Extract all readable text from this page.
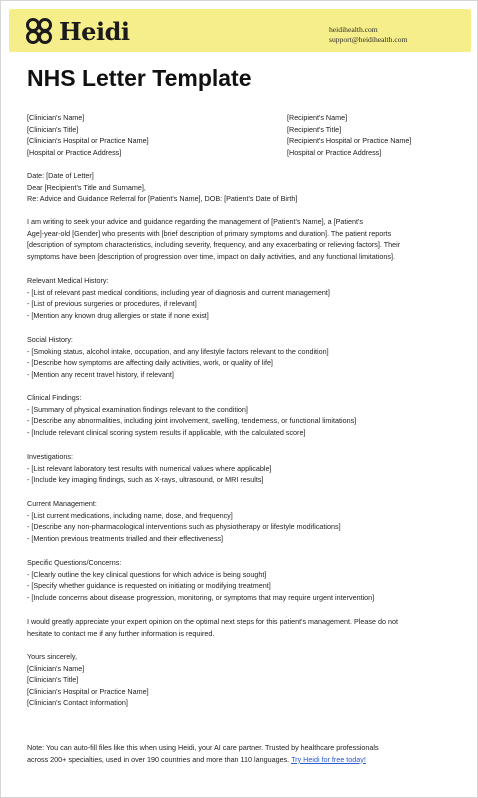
Heidi	heidihealth.com
support@heidihealth.com
NHS Letter Template
[Clinician's Name]
[Clinician's Title]
[Clinician's Hospital or Practice Name]
[Hospital or Practice Address]
[Recipient's Name]
[Recipient's Title]
[Recipient's Hospital or Practice Name]
[Hospital or Practice Address]
Date: [Date of Letter]
Dear [Recipient's Title and Surname],
Re: Advice and Guidance Referral for [Patient's Name], DOB: [Patient's Date of Birth]
I am writing to seek your advice and guidance regarding the management of [Patient's Name], a [Patient's
Age]-year-old [Gender] who presents with [brief description of primary symptoms and duration]. The patient reports
[description of symptom characteristics, including severity, frequency, and any exacerbating or relieving factors]. Their
symptoms have been [description of progression over time, impact on daily activities, and any functional limitations].
Relevant Medical History:
- [List of relevant past medical conditions, including year of diagnosis and current management]
- [List of previous surgeries or procedures, if relevant]
- [Mention any known drug allergies or state if none exist]
Social History:
- [Smoking status, alcohol intake, occupation, and any lifestyle factors relevant to the condition]
- [Describe how symptoms are affecting daily activities, work, or quality of life]
- [Mention any recent travel history, if relevant]
Clinical Findings:
- [Summary of physical examination findings relevant to the condition]
- [Describe any abnormalities, including joint involvement, swelling, tenderness, or functional limitations]
- [Include relevant clinical scoring system results if applicable, with the calculated score]
Investigations:
- [List relevant laboratory test results with numerical values where applicable]
- [Include key imaging findings, such as X-rays, ultrasound, or MRI results]
Current Management:
- [List current medications, including name, dose, and frequency]
- [Describe any non-pharmacological interventions such as physiotherapy or lifestyle modifications]
- [Mention previous treatments trialled and their effectiveness]
Specific Questions/Concerns:
- [Clearly outline the key clinical questions for which advice is being sought]
- [Specify whether guidance is requested on initiating or modifying treatment]
- [Include concerns about disease progression, monitoring, or symptoms that may require urgent intervention]
I would greatly appreciate your expert opinion on the optimal next steps for this patient's management. Please do not
hesitate to contact me if any further information is required.
Yours sincerely,
[Clinician's Name]
[Clinician's Title]
[Clinician's Hospital or Practice Name]
[Clinician's Contact Information]
Note: You can auto-fill files like this when using Heidi, your AI care partner. Trusted by healthcare professionals
across 200+ specialties, used in over 190 countries and more than 110 languages. Try Heidi for free today!
